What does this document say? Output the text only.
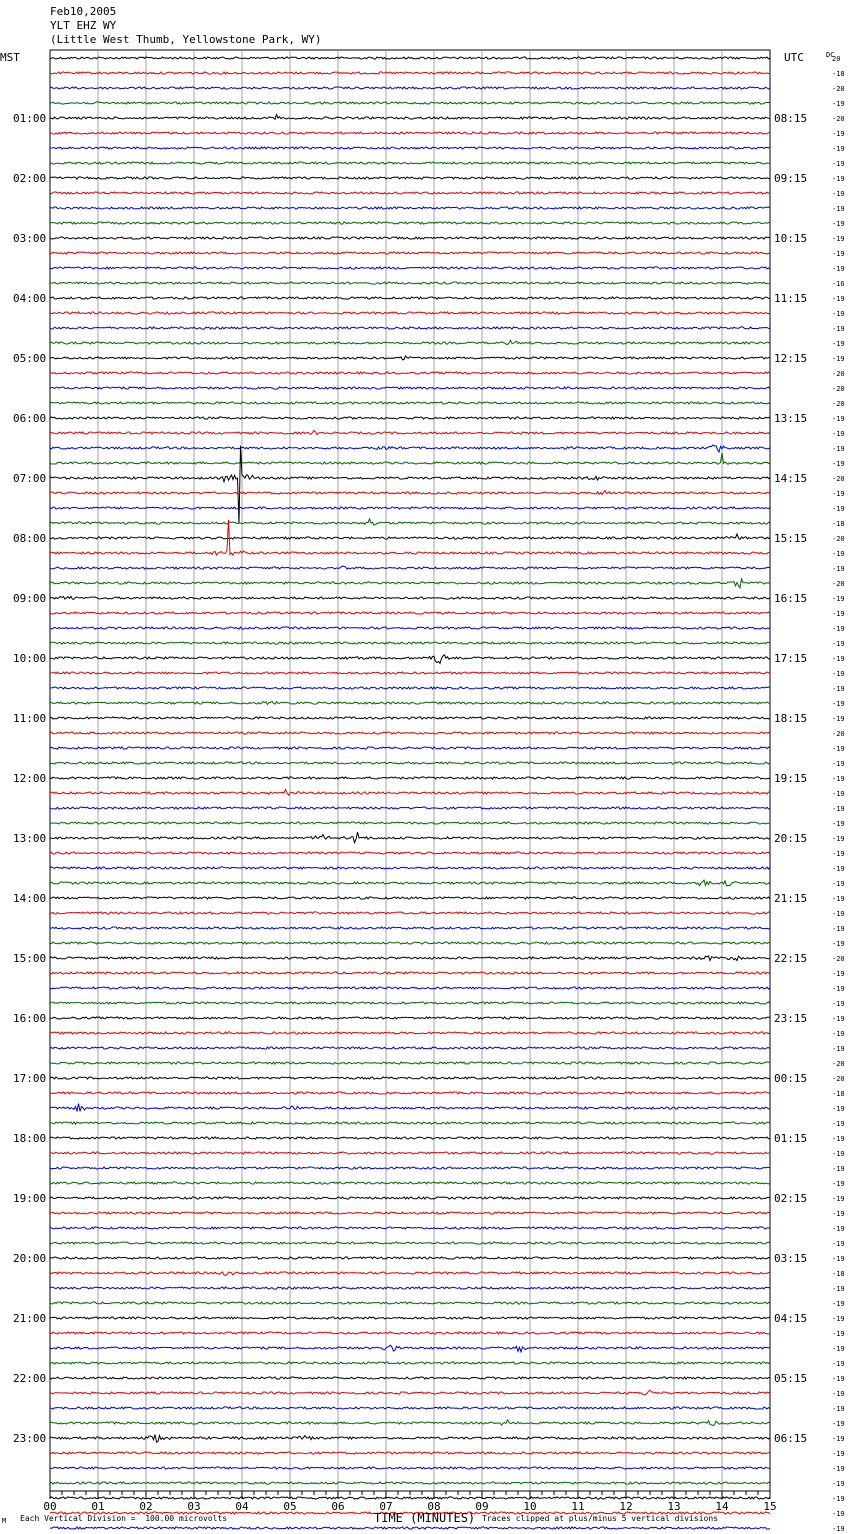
Feb10,2005
YLT EHZ WY
(Little West Thumb, Yellowstone Park, WY)
MST	UTC	DC
01:00
02:00
03:00
04:00
05:00
06:00
07:00
08:00
09:00
10:00
11:00
12:00
13:00
14:00
15:00
16:00
17:00
18:00
19:00
20:00
21:00
22:00
23:00
08:15
09:15
10:15
11:15
12:15
13:15
14:15
15:15
16:15
17:15
18:15
19:15
20:15
21:15
22:15
23:15
00:15
01:15
02:15
03:15
04:15
05:15
06:15
20
-18
-20
-19
-20
-19
-19
-19
-19
-19
-19
-19
-19
-19
-19
-16
-19
-19
-19
-19
-19
-20
-20
-20
-19
-19
-19
-19
-20
-19
-19
-18
-20
-19
-19
-20
-19
-19
-19
-19
-19
-19
-19
-19
-19
-20
-19
-19
-19
-19
-19
-19
-19
-19
-19
-19
-19
-19
-19
-19
-20
-19
-19
-19
-19
-19
-19
-20
-20
-18
-19
-19
-19
-19
-19
-19
-19
-19
-19
-19
-19
-18
-19
-19
-19
-19
-19
-19
-19
-19
-19
-19
-19
-19
-19
-19
-19
-19
-19
00	01	02	03	04	05	06	07	08	09	10	11	12	13	14	15
M Each Vertical Division =  100.00 microvolts	TIME (MINUTES) Traces clipped at plus/minus 5 vertical divisions
